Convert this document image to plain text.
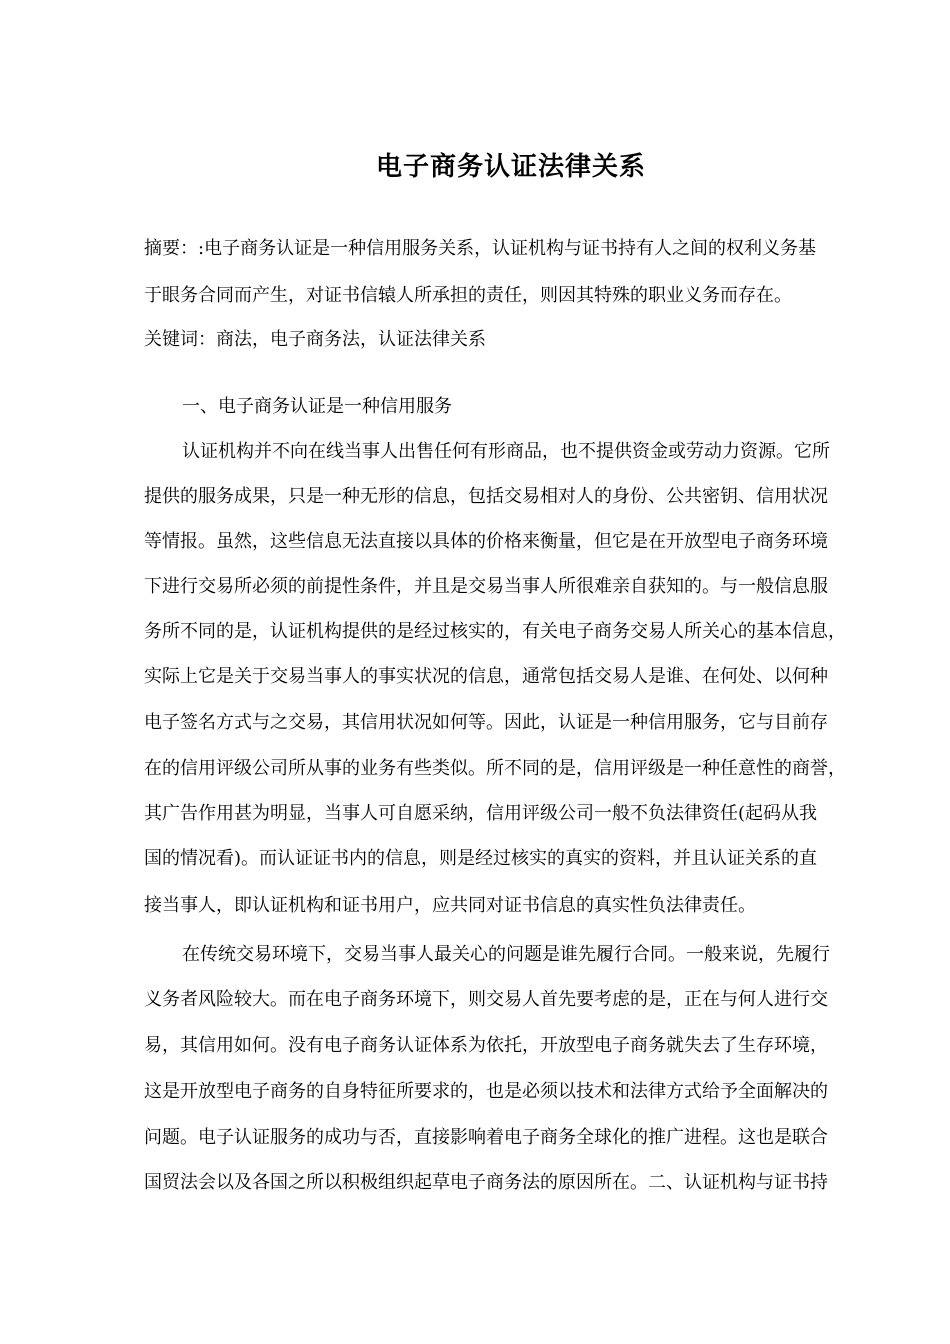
电子商务认证法律关系
摘要：:电子商务认证是一种信用服务关系，认证机构与证书持有人之间的权利义务基
于眼务合同而产生，对证书信辕人所承担的责任，则因其特殊的职业义务而存在。
关键词：商法，电子商务法，认证法律关系
一、电子商务认证是一种信用服务
认证机构并不向在线当事人出售任何有形商品，也不提供资金或劳动力资源。它所
提供的服务成果，只是一种无形的信息，包括交易相对人的身份、公共密钥、信用状况
等情报。虽然，这些信息无法直接以具体的价格来衡量，但它是在开放型电子商务环境
下进行交易所必须的前提性条件，并且是交易当事人所很难亲自获知的。与一般信息服
务所不同的是，认证机构提供的是经过核实的，有关电子商务交易人所关心的基本信息，
实际上它是关于交易当事人的事实状况的信息，通常包括交易人是谁、在何处、以何种
电子签名方式与之交易，其信用状况如何等。因此，认证是一种信用服务，它与目前存
在的信用评级公司所从事的业务有些类似。所不同的是，信用评级是一种任意性的商誉，
其广告作用甚为明显，当事人可自愿采纳，信用评级公司一般不负法律资任(起码从我
国的情况看)。而认证证书内的信息，则是经过核实的真实的资料，并且认证关系的直
接当事人，即认证机构和证书用户，应共同对证书信息的真实性负法律责任。
在传统交易环境下，交易当事人最关心的问题是谁先履行合同。一般来说，先履行
义务者风险较大。而在电子商务环境下，则交易人首先要考虑的是，正在与何人进行交
易，其信用如何。没有电子商务认证体系为依托，开放型电子商务就失去了生存环境，
这是开放型电子商务的自身特征所要求的，也是必须以技术和法律方式给予全面解决的
问题。电子认证服务的成功与否，直接影响着电子商务全球化的推广进程。这也是联合
国贸法会以及各国之所以积极组织起草电子商务法的原因所在。二、认证机构与证书持
